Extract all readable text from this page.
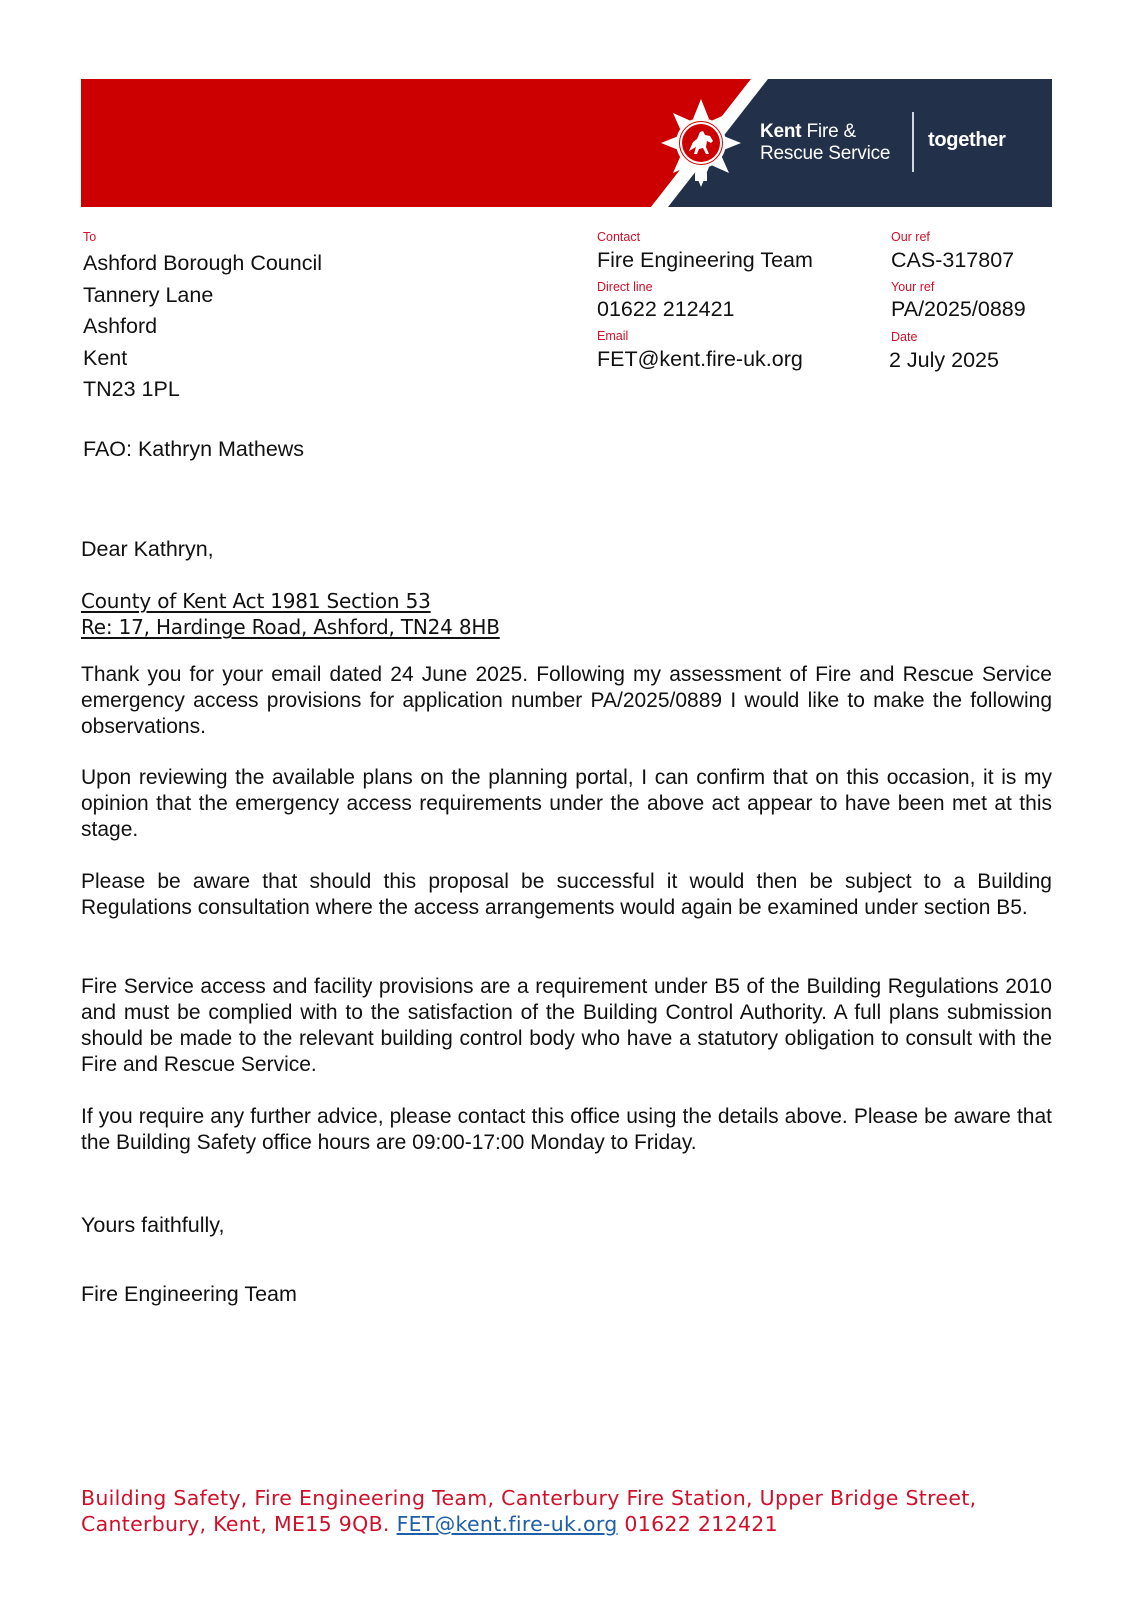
Kent Fire &
Rescue Service
together
To
Ashford Borough Council
Tannery Lane
Ashford
Kent
TN23 1PL
FAO: Kathryn Mathews
Contact
Fire Engineering Team
Direct line
01622 212421
Email
FET@kent.fire-uk.org
Our ref
CAS-317807
Your ref
PA/2025/0889
Date
2 July 2025
Dear Kathryn,
County of Kent Act 1981 Section 53
Re: 17, Hardinge Road, Ashford, TN24 8HB
Thank you for your email dated 24 June 2025. Following my assessment of Fire and Rescue Service emergency access provisions for application number PA/2025/0889 I would like to make the following observations.
Upon reviewing the available plans on the planning portal, I can confirm that on this occasion, it is my opinion that the emergency access requirements under the above act appear to have been met at this stage.
Please be aware that should this proposal be successful it would then be subject to a Building Regulations consultation where the access arrangements would again be examined under section B5.
Fire Service access and facility provisions are a requirement under B5 of the Building Regulations 2010 and must be complied with to the satisfaction of the Building Control Authority. A full plans submission should be made to the relevant building control body who have a statutory obligation to consult with the Fire and Rescue Service.
If you require any further advice, please contact this office using the details above. Please be aware that the Building Safety office hours are 09:00-17:00 Monday to Friday.
Yours faithfully,
Fire Engineering Team
Building Safety, Fire Engineering Team, Canterbury Fire Station, Upper Bridge Street, Canterbury, Kent, ME15 9QB. FET@kent.fire-uk.org 01622 212421
